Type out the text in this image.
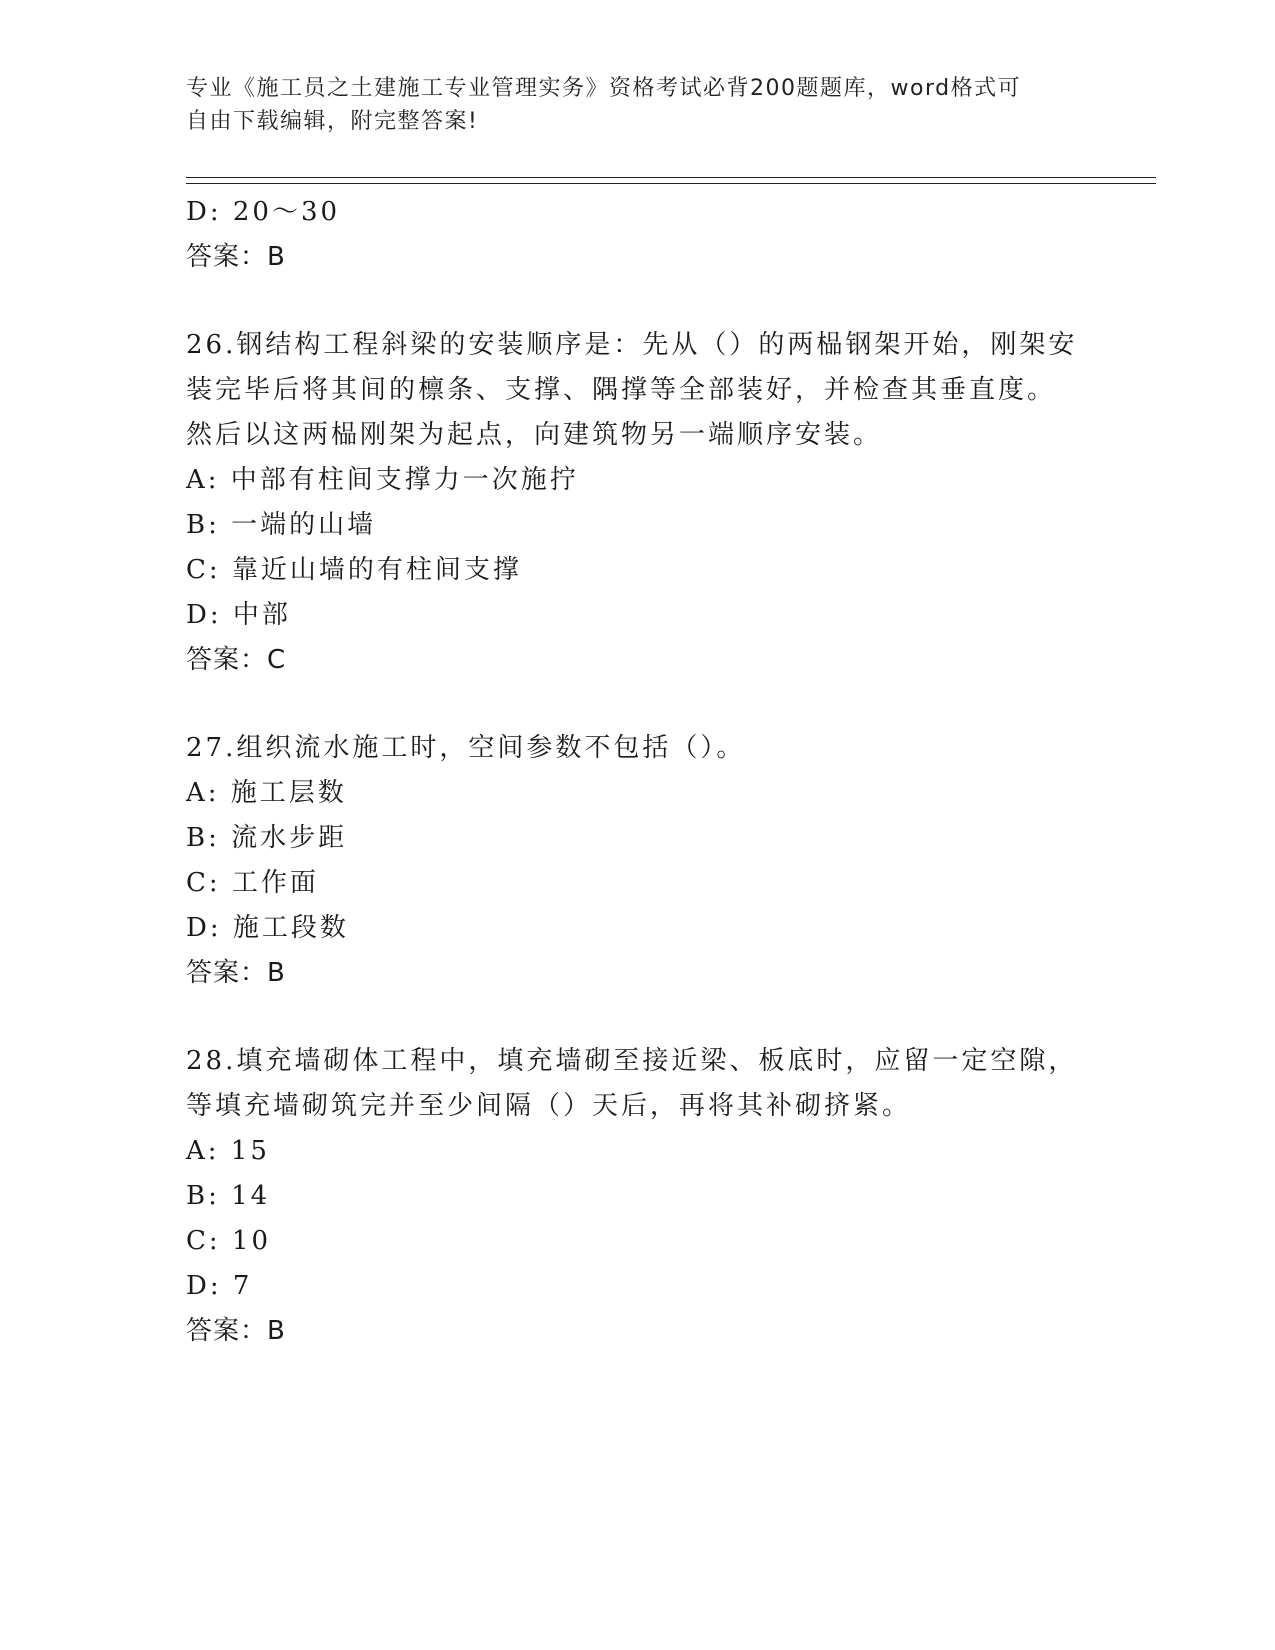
专业《施工员之土建施工专业管理实务》资格考试必背200题题库，word格式可
自由下载编辑，附完整答案!
D: 20～30
答案：B
26.钢结构工程斜梁的安装顺序是：先从（）的两榀钢架开始，刚架安
装完毕后将其间的檩条、支撑、隅撑等全部装好，并检查其垂直度。
然后以这两榀刚架为起点，向建筑物另一端顺序安装。
A: 中部有柱间支撑力一次施拧
B: 一端的山墙
C: 靠近山墙的有柱间支撑
D: 中部
答案：C
27.组织流水施工时，空间参数不包括（）。
A: 施工层数
B: 流水步距
C: 工作面
D: 施工段数
答案：B
28.填充墙砌体工程中，填充墙砌至接近梁、板底时，应留一定空隙，
等填充墙砌筑完并至少间隔（）天后，再将其补砌挤紧。
A: 15
B: 14
C: 10
D: 7
答案：B
